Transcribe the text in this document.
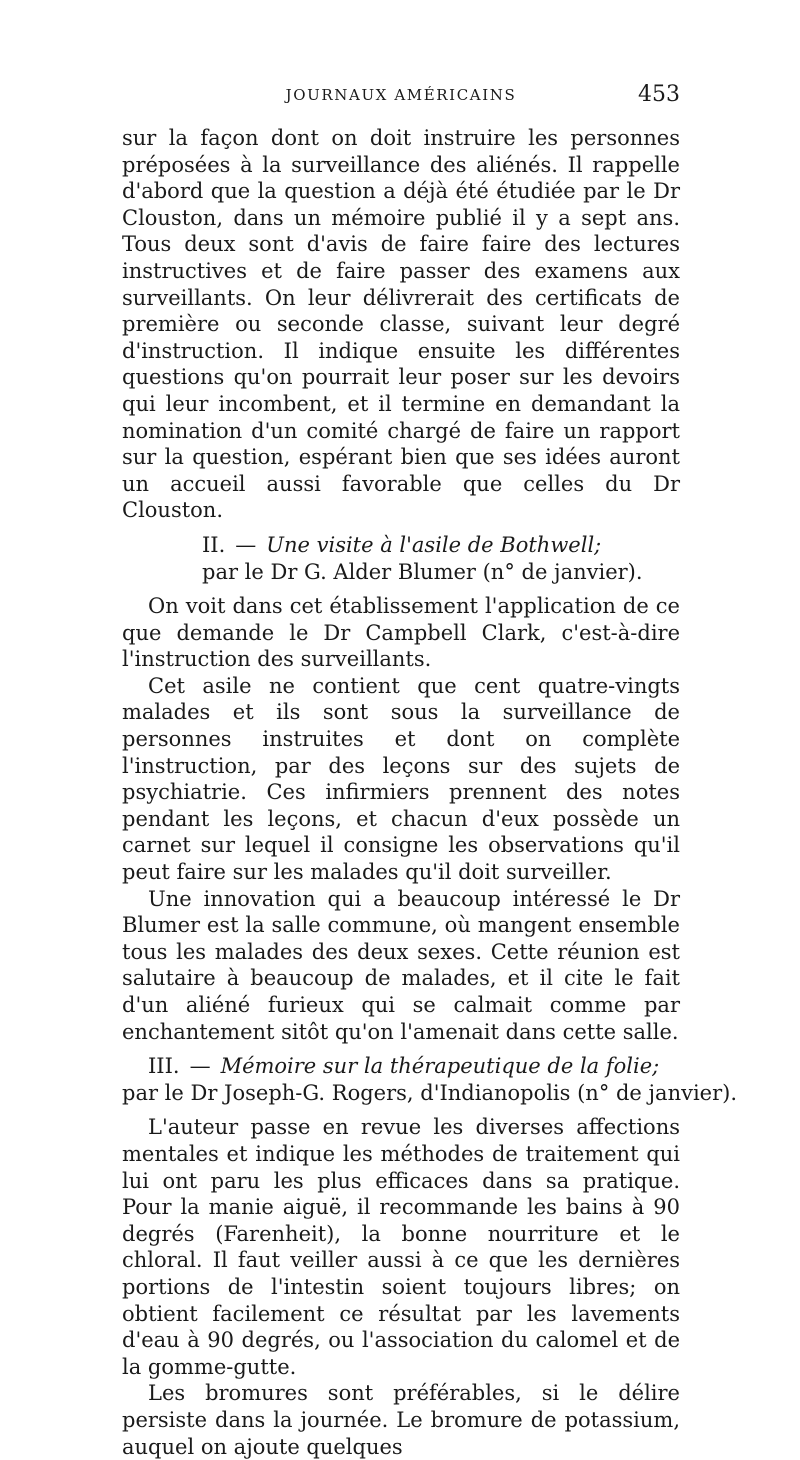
JOURNAUX AMÉRICAINS	453

sur la façon dont on doit instruire les personnes préposées à la surveillance des aliénés. Il rappelle d'abord que la question a déjà été étudiée par le Dr Clouston, dans un mémoire publié il y a sept ans. Tous deux sont d'avis de faire faire des lectures instructives et de faire passer des examens aux surveillants. On leur délivrerait des certificats de première ou seconde classe, suivant leur degré d'instruction. Il indique ensuite les différentes questions qu'on pourrait leur poser sur les devoirs qui leur incombent, et il termine en demandant la nomination d'un comité chargé de faire un rapport sur la question, espérant bien que ses idées auront un accueil aussi favorable que celles du Dr Clouston.

II. — Une visite à l'asile de Bothwell;
par le Dr G. Alder Blumer (n° de janvier).

On voit dans cet établissement l'application de ce que demande le Dr Campbell Clark, c'est-à-dire l'instruction des surveillants.

Cet asile ne contient que cent quatre-vingts malades et ils sont sous la surveillance de personnes instruites et dont on complète l'instruction, par des leçons sur des sujets de psychiatrie. Ces infirmiers prennent des notes pendant les leçons, et chacun d'eux possède un carnet sur lequel il consigne les observations qu'il peut faire sur les malades qu'il doit surveiller.

Une innovation qui a beaucoup intéressé le Dr Blumer est la salle commune, où mangent ensemble tous les malades des deux sexes. Cette réunion est salutaire à beaucoup de malades, et il cite le fait d'un aliéné furieux qui se calmait comme par enchantement sitôt qu'on l'amenait dans cette salle.

III. — Mémoire sur la thérapeutique de la folie;
par le Dr Joseph-G. Rogers, d'Indianopolis (n° de janvier).

L'auteur passe en revue les diverses affections mentales et indique les méthodes de traitement qui lui ont paru les plus efficaces dans sa pratique. Pour la manie aiguë, il recommande les bains à 90 degrés (Farenheit), la bonne nourriture et le chloral. Il faut veiller aussi à ce que les dernières portions de l'intestin soient toujours libres; on obtient facilement ce résultat par les lavements d'eau à 90 degrés, ou l'association du calomel et de la gomme-gutte.

Les bromures sont préférables, si le délire persiste dans la journée. Le bromure de potassium, auquel on ajoute quelques
